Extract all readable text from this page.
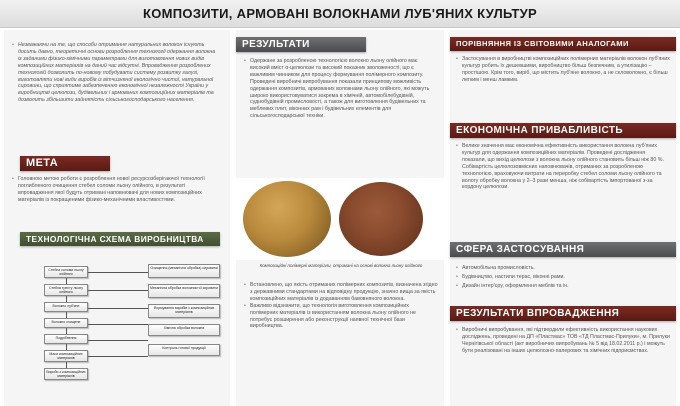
КОМПОЗИТИ, АРМОВАНІ ВОЛОКНАМИ ЛУБ'ЯНИХ КУЛЬТУР
• Незважаючи на те, що способи отримання натуральних волокон існують досить давно, теоретичні основи розроблення технології одержання волокна із заданими фізико-хімічними параметрами для виготовлення нових видів композиційних матеріалів на даний час відсутні. Впровадження розроблених технологій дозволить по-новому побудувати систему розвитку галузі, виготовляти нові види виробів із вітчизняної екологічно чистої, натуральної сировини, що сприятиме забезпеченню економічної незалежності України у виробництві целюлози, будівельних і армованих композиційних матеріалів та дозволить збільшити зайнятість сільськогосподарського населення.
МЕТА
• Головною метою роботи є розроблення нової ресурсозберігаючої технології поглибленого очищення стебел соломи льону олійного, в результаті впровадження якої будуть отримані наповнювачі для нових композиційних матеріалів із покращеними фізико-механічними властивостями.
ТЕХНОЛОГІЧНА СХЕМА ВИРОБНИЦТВА
Стебла соломи льону олійного
Стебла тресту льону олійного
Волокно луб'яне
Волокно очищене
Подрібнення
Маса композиційних матеріалів
Вироби з композиційних матеріалів
Очищення (механічна обробка) сировини
Механічна обробка волокнистої сировини
Формування виробів з композиційних матеріалів
Хімічна обробка волокна
Контроль готової продукції
РЕЗУЛЬТАТИ
• Одержане за розробленою технологією волокно льону олійного має високий вміст α-целюлози та високий показник зволоженості, що є важливим чинником для процесу формування полімерного композиту. Проведені виробничі випробування показали принципову можливість одержання композитів, армованих волокнами льону олійного, які можуть широко використовуватися зокрема в хімічній, автомобілебудівній, суднобудівній промисловості, а також для виготовлення будівельних та меблевих плит, віконних рам і будівельних елементів для сільськогосподарської техніки.
Композиційні полімерні матеріали, отримані на основі волокна льону олійного
• Встановлено, що якість отриманих полімерних композитів, визначена згідно з державними стандартами на відповідну продукцію, значно вища за якість композиційних матеріалів із додаванням бавовняного волокна.
• Важливо відзначити, що технологія виготовлення композиційних полімерних матеріалів із використанням волокна льону олійного не потребує розширення або реконструкції наявної технічної бази виробництва.
ПОРІВНЯННЯ ІЗ СВІТОВИМИ АНАЛОГАМИ
• Застосування в виробництві композиційних полімерних матеріалів волокон луб'яних культур робить їх дешевшими, виробництво більш безпечним, а утилізацію – простішою. Крім того, виріб, що містить луб'яне волокно, а не скловолокно, є більш легким і менш ламким.
ЕКОНОМІЧНА ПРИВАБЛИВІСТЬ
• Велике значення має економічна ефективність використання волокна луб'яних культур для одержання композиційних матеріалів. Проведені дослідження показали, що вихід целюлози з волокна льону олійного становить більш ніж 80 %. Собівартість целюлозовмісних наповнювачів, отриманих за розробленою технологією, враховуючи витрати на переробку стебел соломи льону олійного та вологу обробку волокна у 2–3 рази менша, ніж собівартість імпортованої з-за кордону целюлози.
СФЕРА ЗАСТОСУВАННЯ
• Автомобільна промисловість.
• Будівництво, настили терас, віконні рами.
• Дизайн інтер'єру, оформлення меблів та ін.
РЕЗУЛЬТАТИ ВПРОВАДЖЕННЯ
• Виробничі випробування, які підтвердили ефективність використання наукових досліджень, проведені на ДП «Пластмас» ТОВ «ТД Пластмас-Прилуки», м. Прилуки Чернігівської області (акт виробничих випробувань № 5 від 18.02.2011 р.) і можуть бути реалізовані на інших целюлозно-паперових та хімічних підприємствах.
